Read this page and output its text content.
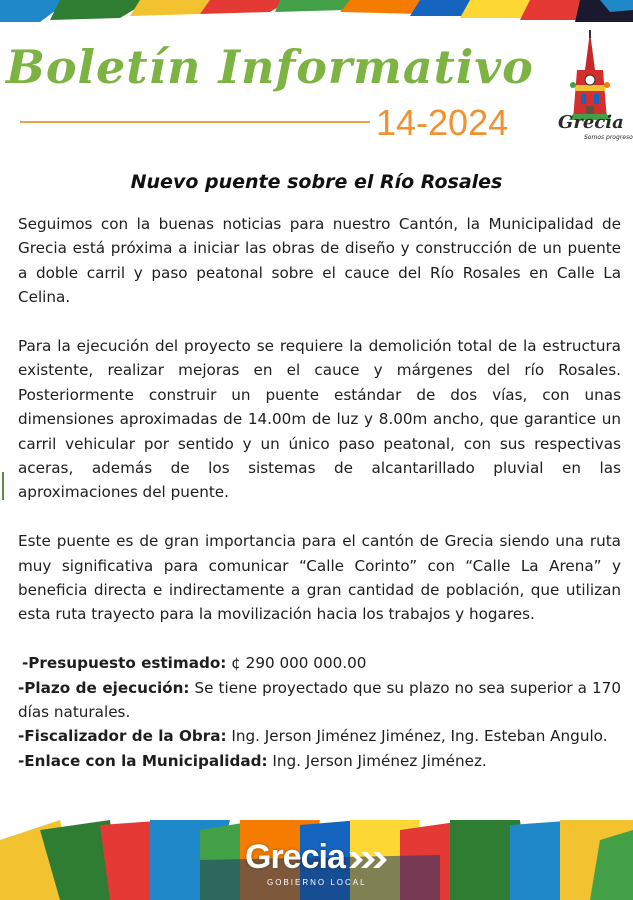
Boletín Informativo
14-2024	Grecia
Somos progreso
Nuevo puente sobre el Río Rosales

Seguimos con la buenas noticias para nuestro Cantón, la Municipalidad de Grecia está próxima a iniciar las obras de diseño y construcción de un puente a doble carril y paso peatonal sobre el cauce del Río Rosales en Calle La Celina.

Para la ejecución del proyecto se requiere la demolición total de la estructura existente, realizar mejoras en el cauce y márgenes del río Rosales. Posteriormente construir un puente estándar de dos vías, con unas dimensiones aproximadas de 14.00m de luz y 8.00m ancho, que garantice un carril vehicular por sentido y un único paso peatonal, con sus respectivas aceras, además de los sistemas de alcantarillado pluvial en las aproximaciones del puente.

Este puente es de gran importancia para el cantón de Grecia siendo una ruta muy significativa para comunicar “Calle Corinto” con “Calle La Arena” y beneficia directa e indirectamente a gran cantidad de población, que utilizan esta ruta trayecto para la movilización hacia los trabajos y hogares.

-Presupuesto estimado: ¢ 290 000 000.00

-Plazo de ejecución: Se tiene proyectado que su plazo no sea superior a 170 días naturales.

-Fiscalizador de la Obra: Ing. Jerson Jiménez Jiménez, Ing. Esteban Angulo.

-Enlace con la Municipalidad: Ing. Jerson Jiménez Jiménez.

Grecia
GOBIERNO LOCAL
